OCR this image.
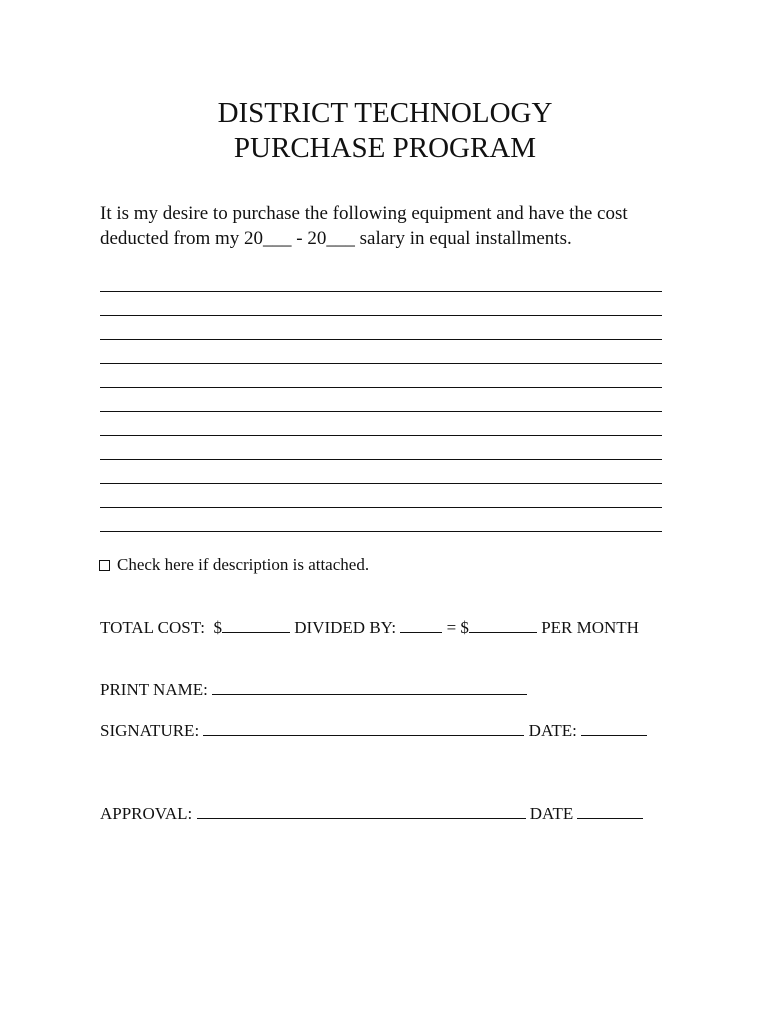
DISTRICT TECHNOLOGY
PURCHASE PROGRAM
It is my desire to purchase the following equipment and have the cost
deducted from my 20___ - 20___ salary in equal installments.
Check here if description is attached.
TOTAL COST: $	DIVIDED BY:	= $	PER MONTH
PRINT NAME:
SIGNATURE:	DATE:
APPROVAL:	DATE
